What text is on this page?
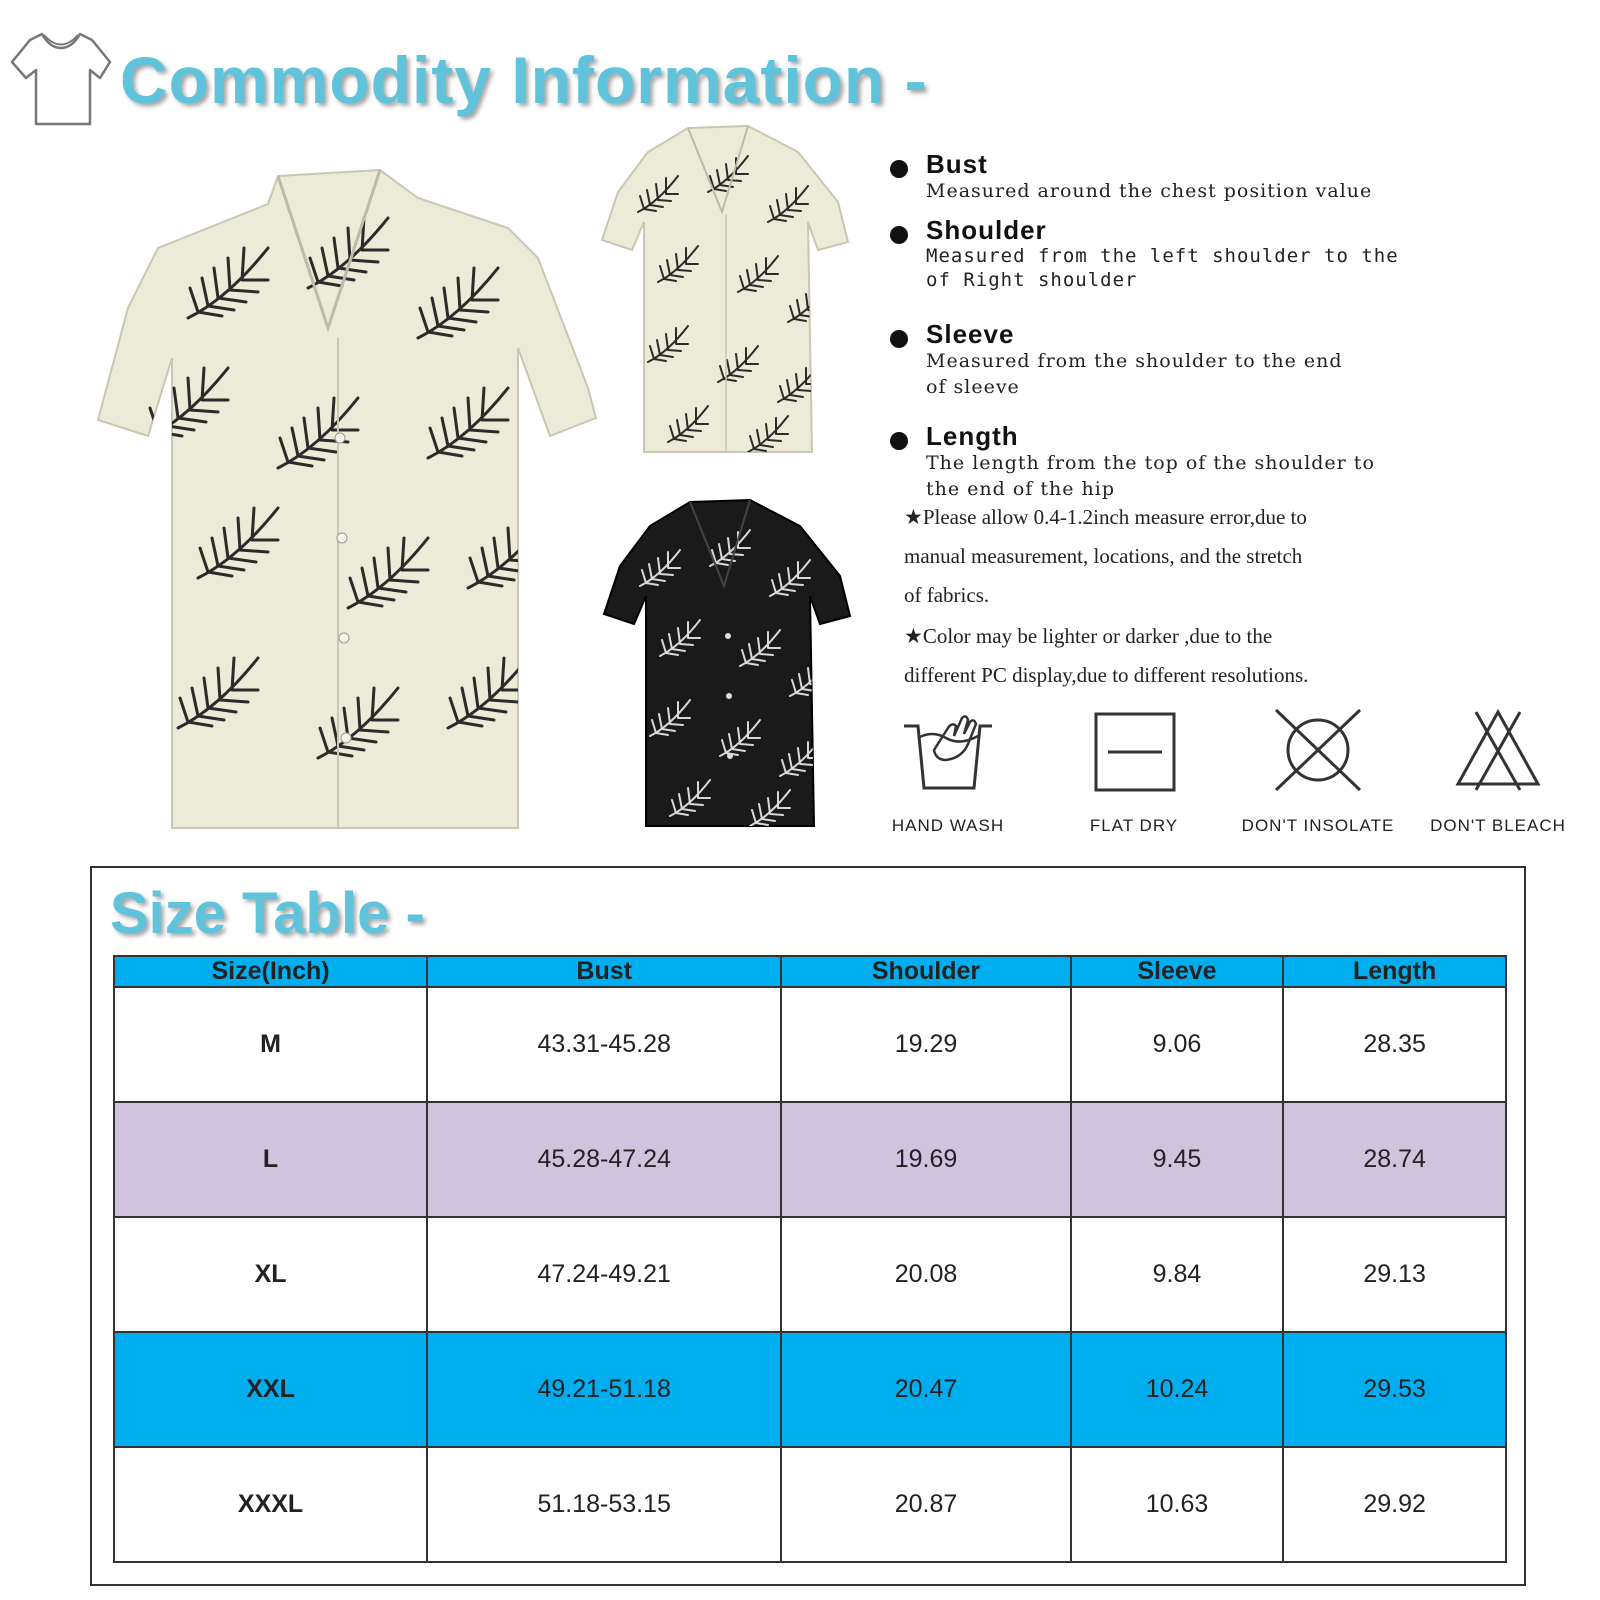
Commodity Information -
Bust
Measured around the chest position value
Shoulder
Measured from the left shoulder to the
of Right shoulder
Sleeve
Measured from the shoulder to the end
of sleeve
Length
The length from the top of the shoulder to
the end of the hip
★Please allow 0.4-1.2inch measure error,due to
manual measurement, locations, and the stretch
of fabrics.
★Color may be lighter or darker ,due to the
different PC display,due to different resolutions.
HAND WASH	FLAT DRY	DON'T INSOLATE	DON'T BLEACH
Size Table -
Size(Inch)	Bust	Shoulder	Sleeve	Length
M	43.31-45.28	19.29	9.06	28.35
L	45.28-47.24	19.69	9.45	28.74
XL	47.24-49.21	20.08	9.84	29.13
XXL	49.21-51.18	20.47	10.24	29.53
XXXL	51.18-53.15	20.87	10.63	29.92
